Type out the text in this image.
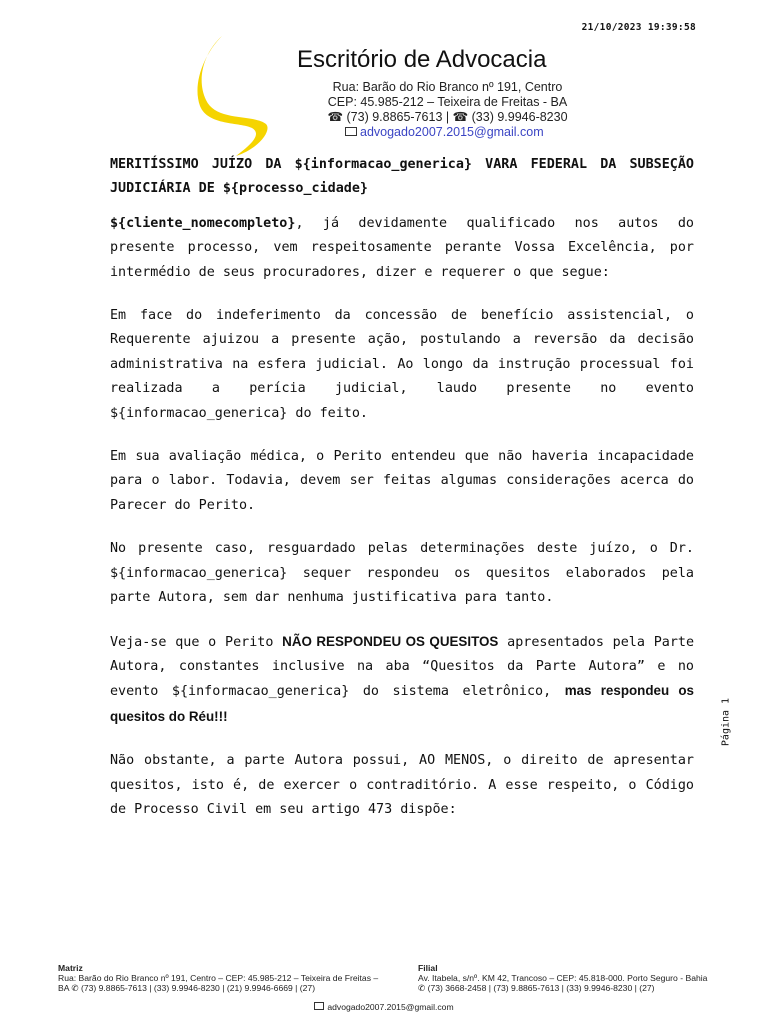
21/10/2023 19:39:58
Escritório de Advocacia
Rua: Barão do Rio Branco nº 191, Centro
CEP: 45.985-212 – Teixeira de Freitas - BA
☎ (73) 9.8865-7613 | ☎ (33) 9.9946-8230
advogado2007.2015@gmail.com

MERITÍSSIMO JUÍZO DA ${informacao_generica} VARA FEDERAL DA SUBSEÇÃO JUDICIÁRIA DE ${processo_cidade}

${cliente_nomecompleto}, já devidamente qualificado nos autos do presente processo, vem respeitosamente perante Vossa Excelência, por intermédio de seus procuradores, dizer e requerer o que segue:

Em face do indeferimento da concessão de benefício assistencial, o Requerente ajuizou a presente ação, postulando a reversão da decisão administrativa na esfera judicial. Ao longo da instrução processual foi realizada a perícia judicial, laudo presente no evento ${informacao_generica} do feito.

Em sua avaliação médica, o Perito entendeu que não haveria incapacidade para o labor. Todavia, devem ser feitas algumas considerações acerca do Parecer do Perito.

No presente caso, resguardado pelas determinações deste juízo, o Dr. ${informacao_generica} sequer respondeu os quesitos elaborados pela parte Autora, sem dar nenhuma justificativa para tanto.

Veja-se que o Perito NÃO RESPONDEU OS QUESITOS apresentados pela Parte Autora, constantes inclusive na aba “Quesitos da Parte Autora” e no evento ${informacao_generica} do sistema eletrônico, mas respondeu os quesitos do Réu!!!

Não obstante, a parte Autora possui, AO MENOS, o direito de apresentar quesitos, isto é, de exercer o contraditório. A esse respeito, o Código de Processo Civil em seu artigo 473 dispõe:

Página 1
Matriz
Rua: Barão do Rio Branco nº 191, Centro – CEP: 45.985-212 – Teixeira de Freitas –
BA ✆ (73) 9.8865-7613 | (33) 9.9946-8230 | (21) 9.9946-6669 | (27)
Filial
Av. Itabela, s/nº. KM 42, Trancoso – CEP: 45.818-000. Porto Seguro - Bahia
✆ (73) 3668-2458 | (73) 9.8865-7613 | (33) 9.9946-8230 | (27)
advogado2007.2015@gmail.com
